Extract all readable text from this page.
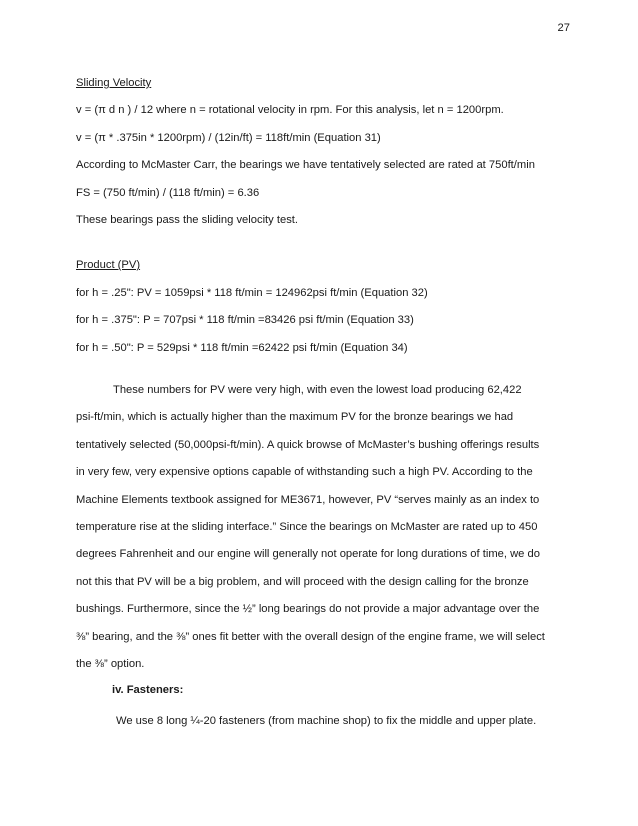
27
Sliding Velocity
v = (π d n ) / 12 where n = rotational velocity in rpm. For this analysis, let n = 1200rpm.
v = (π * .375in * 1200rpm) / (12in/ft) = 118ft/min (Equation 31)
According to McMaster Carr, the bearings we have tentatively selected are rated at 750ft/min
FS = (750 ft/min) / (118 ft/min) = 6.36
These bearings pass the sliding velocity test.
Product (PV)
for h = .25": PV = 1059psi * 118 ft/min = 124962psi ft/min (Equation 32)
for h = .375": P = 707psi * 118 ft/min =83426 psi ft/min (Equation 33)
for h = .50": P = 529psi * 118 ft/min =62422 psi ft/min (Equation 34)
These numbers for PV were very high, with even the lowest load producing 62,422
psi-ft/min, which is actually higher than the maximum PV for the bronze bearings we had
tentatively selected (50,000psi-ft/min). A quick browse of McMaster’s bushing offerings results
in very few, very expensive options capable of withstanding such a high PV. According to the
Machine Elements textbook assigned for ME3671, however, PV “serves mainly as an index to
temperature rise at the sliding interface.” Since the bearings on McMaster are rated up to 450
degrees Fahrenheit and our engine will generally not operate for long durations of time, we do
not this that PV will be a big problem, and will proceed with the design calling for the bronze
bushings. Furthermore, since the ½” long bearings do not provide a major advantage over the
⅜” bearing, and the ⅜” ones fit better with the overall design of the engine frame, we will select
the ⅜” option.
iv. Fasteners:
We use 8 long ¼-20 fasteners (from machine shop) to fix the middle and upper plate.
